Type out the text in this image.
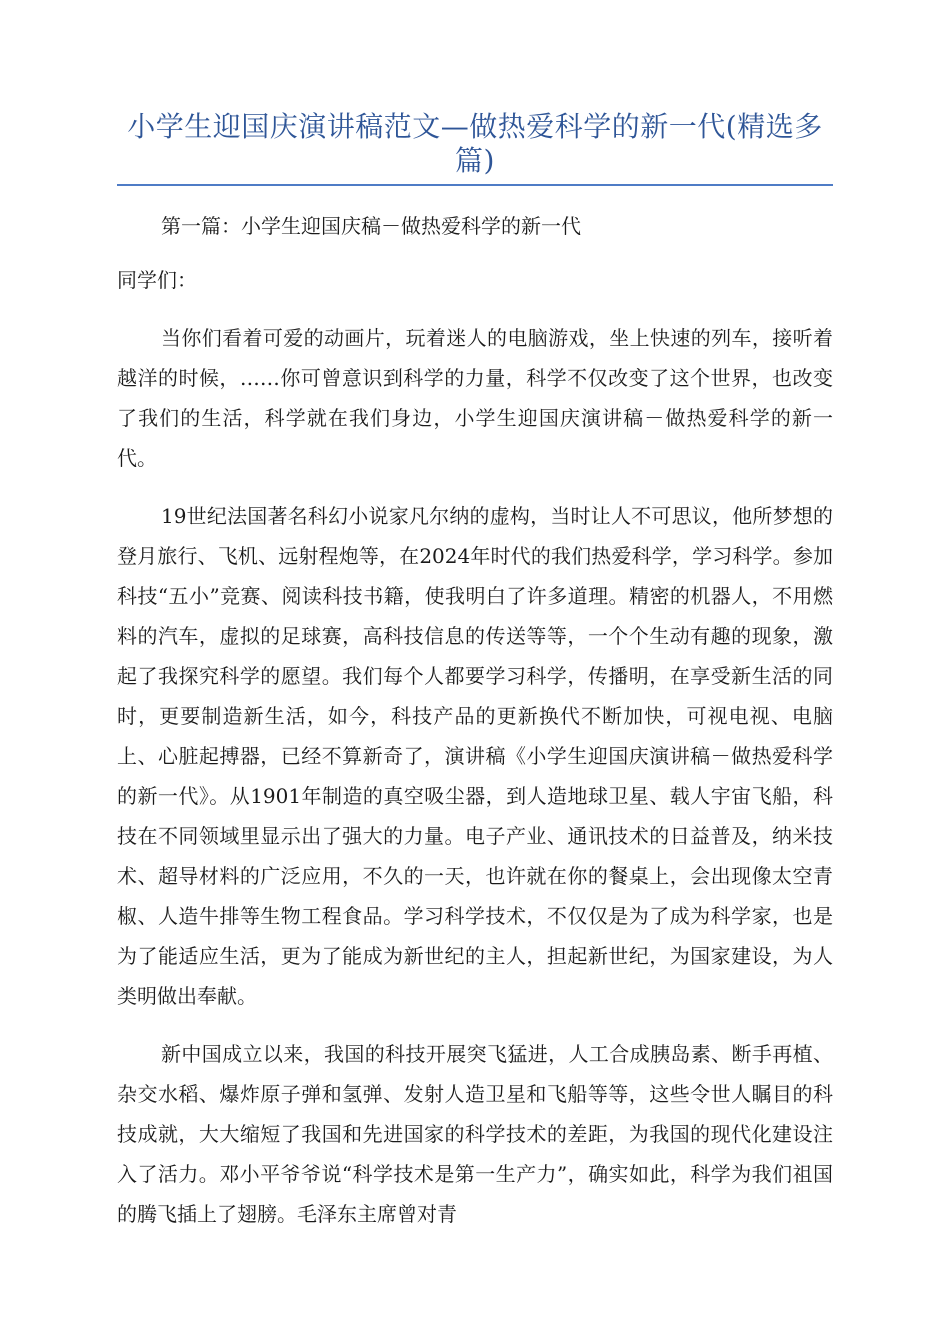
小学生迎国庆演讲稿范文—做热爱科学的新一代(精选多篇)

第一篇：小学生迎国庆稿－做热爱科学的新一代

同学们：

当你们看着可爱的动画片，玩着迷人的电脑游戏，坐上快速的列车，接听着越洋的时候，……你可曾意识到科学的力量，科学不仅改变了这个世界，也改变了我们的生活，科学就在我们身边，小学生迎国庆演讲稿－做热爱科学的新一代。

19世纪法国著名科幻小说家凡尔纳的虚构，当时让人不可思议，他所梦想的登月旅行、飞机、远射程炮等，在2024年时代的我们热爱科学，学习科学。参加科技“五小”竞赛、阅读科技书籍，使我明白了许多道理。精密的机器人，不用燃料的汽车，虚拟的足球赛，高科技信息的传送等等，一个个生动有趣的现象，激起了我探究科学的愿望。我们每个人都要学习科学，传播明，在享受新生活的同时，更要制造新生活，如今，科技产品的更新换代不断加快，可视电视、电脑上、心脏起搏器，已经不算新奇了，演讲稿《小学生迎国庆演讲稿－做热爱科学的新一代》。从1901年制造的真空吸尘器，到人造地球卫星、载人宇宙飞船，科技在不同领域里显示出了强大的力量。电子产业、通讯技术的日益普及，纳米技术、超导材料的广泛应用，不久的一天，也许就在你的餐桌上，会出现像太空青椒、人造牛排等生物工程食品。学习科学技术，不仅仅是为了成为科学家，也是为了能适应生活，更为了能成为新世纪的主人，担起新世纪，为国家建设，为人类明做出奉献。

新中国成立以来，我国的科技开展突飞猛进，人工合成胰岛素、断手再植、杂交水稻、爆炸原子弹和氢弹、发射人造卫星和飞船等等，这些令世人瞩目的科技成就，大大缩短了我国和先进国家的科学技术的差距，为我国的现代化建设注入了活力。邓小平爷爷说“科学技术是第一生产力”，确实如此，科学为我们祖国的腾飞插上了翅膀。毛泽东主席曾对青
